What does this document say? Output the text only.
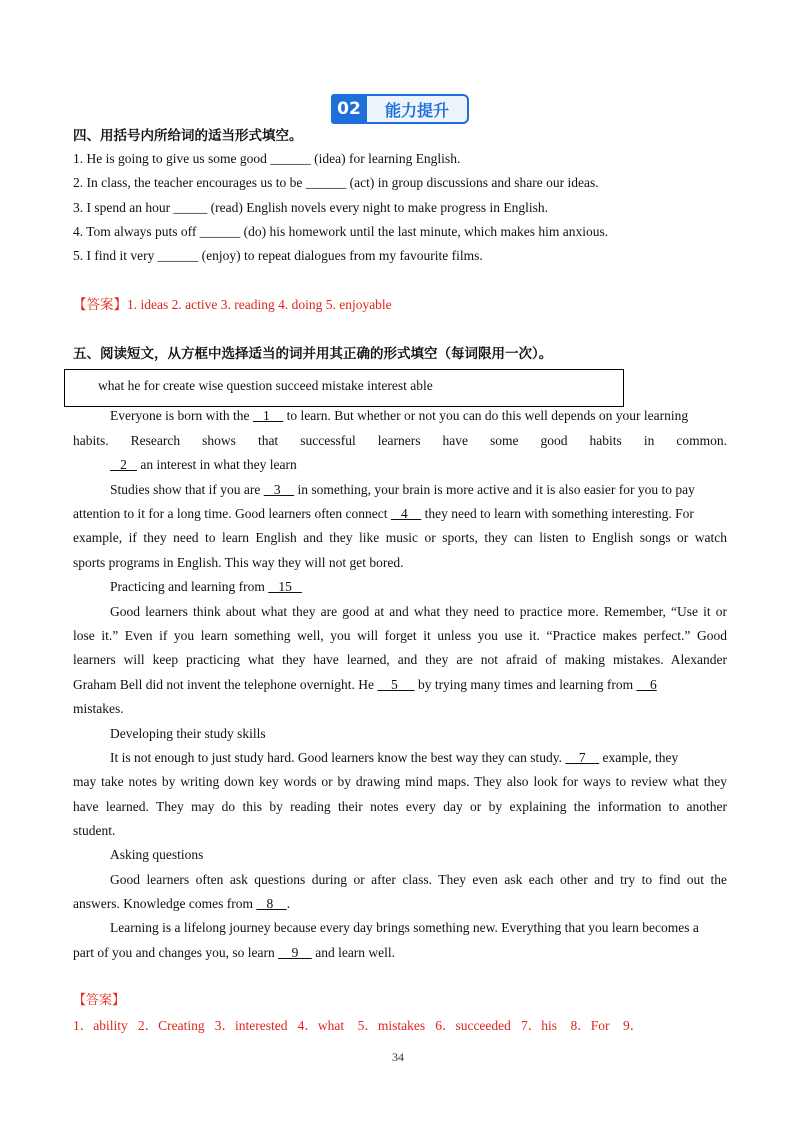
02	能力提升
四、用括号内所给词的适当形式填空。
1. He is going to give us some good ______ (idea) for learning English.
2. In class, the teacher encourages us to be ______ (act) in group discussions and share our ideas.
3. I spend an hour _____ (read) English novels every night to make progress in English.
4. Tom always puts off ______ (do) his homework until the last minute, which makes him anxious.
5. I find it very ______ (enjoy) to repeat dialogues from my favourite films.
【答案】1. ideas 2. active 3. reading 4. doing 5. enjoyable
五、阅读短文，从方框中选择适当的词并用其正确的形式填空（每词限用一次）。
what he for create wise question succeed mistake interest able
Everyone is born with the    1     to learn. But whether or not you can do this well depends on your learning
habits. Research shows that successful learners have some good habits in common.
2    an interest in what they learn
Studies show that if you are    3     in something, your brain is more active and it is also easier for you to pay
attention to it for a long time. Good learners often connect    4     they need to learn with something interesting. For
example, if they need to learn English and they like music or sports, they can listen to English songs or watch
sports programs in English. This way they will not get bored.
Practicing and learning from    15
Good learners think about what they are good at and what they need to practice more. Remember, “Use it or
lose it.” Even if you learn something well, you will forget it unless you use it. “Practice makes perfect.” Good
learners will keep practicing what they have learned, and they are not afraid of making mistakes. Alexander
Graham Bell did not invent the telephone overnight. He     5      by trying many times and learning from     6
mistakes.
Developing their study skills
It is not enough to just study hard. Good learners know the best way they can study.     7     example, they
may take notes by writing down key words or by drawing mind maps. They also look for ways to review what they
have learned. They may do this by reading their notes every day or by explaining the information to another
student.
Asking questions
Good learners often ask questions during or after class. They even ask each other and try to find out the
answers. Knowledge comes from    8    .
Learning is a lifelong journey because every day brings something new. Everything that you learn becomes a
part of you and changes you, so learn     9     and learn well.
【答案】
1．ability   2．Creating   3．interested   4．what    5．mistakes   6．succeeded   7．his    8．For    9．
34
